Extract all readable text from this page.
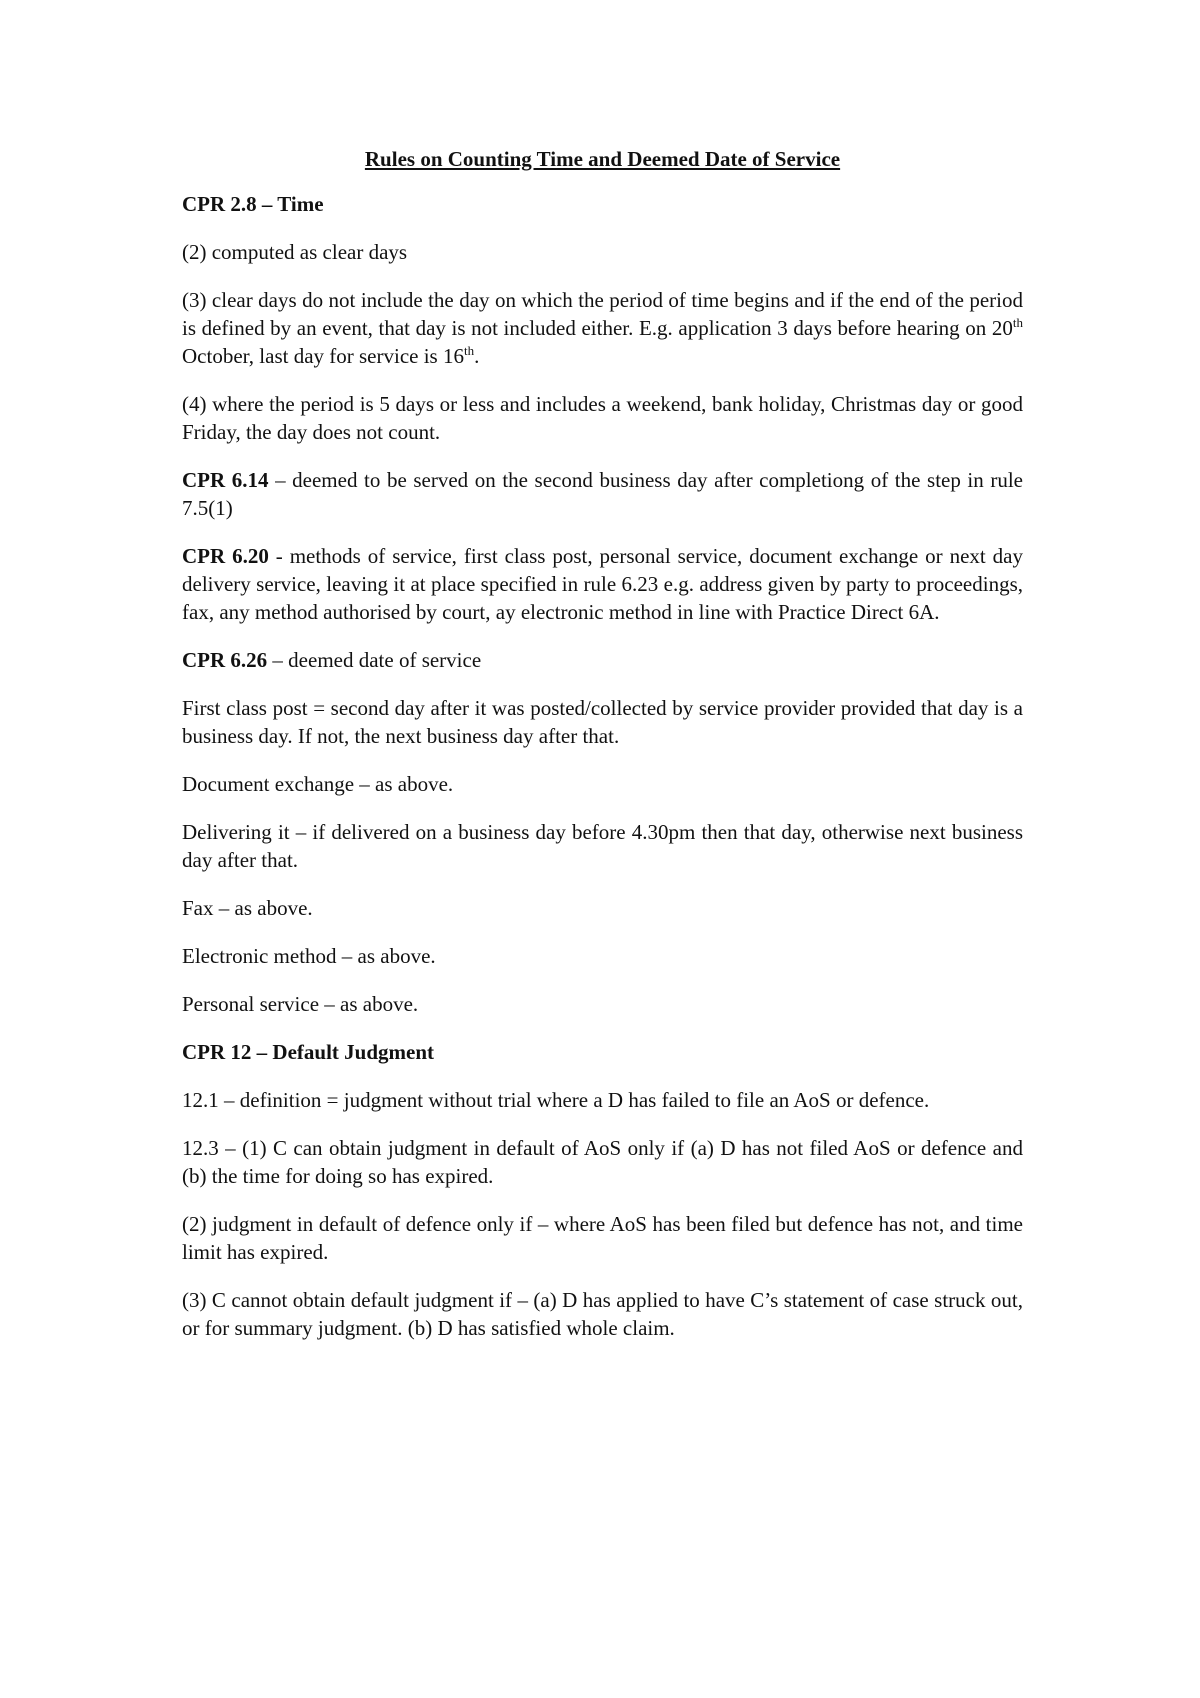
Rules on Counting Time and Deemed Date of Service
CPR 2.8 – Time
(2) computed as clear days
(3) clear days do not include the day on which the period of time begins and if the end of the period is defined by an event, that day is not included either. E.g. application 3 days before hearing on 20th October, last day for service is 16th.
(4) where the period is 5 days or less and includes a weekend, bank holiday, Christmas day or good Friday, the day does not count.
CPR 6.14 – deemed to be served on the second business day after completiong of the step in rule 7.5(1)
CPR 6.20 - methods of service, first class post, personal service, document exchange or next day delivery service, leaving it at place specified in rule 6.23 e.g. address given by party to proceedings, fax, any method authorised by court, ay electronic method in line with Practice Direct 6A.
CPR 6.26 – deemed date of service
First class post = second day after it was posted/collected by service provider provided that day is a business day. If not, the next business day after that.
Document exchange – as above.
Delivering it – if delivered on a business day before 4.30pm then that day, otherwise next business day after that.
Fax – as above.
Electronic method – as above.
Personal service – as above.
CPR 12 – Default Judgment
12.1 – definition = judgment without trial where a D has failed to file an AoS or defence.
12.3 – (1) C can obtain judgment in default of AoS only if (a) D has not filed AoS or defence and (b) the time for doing so has expired.
(2) judgment in default of defence only if – where AoS has been filed but defence has not, and time limit has expired.
(3) C cannot obtain default judgment if – (a) D has applied to have C’s statement of case struck out, or for summary judgment. (b) D has satisfied whole claim.
